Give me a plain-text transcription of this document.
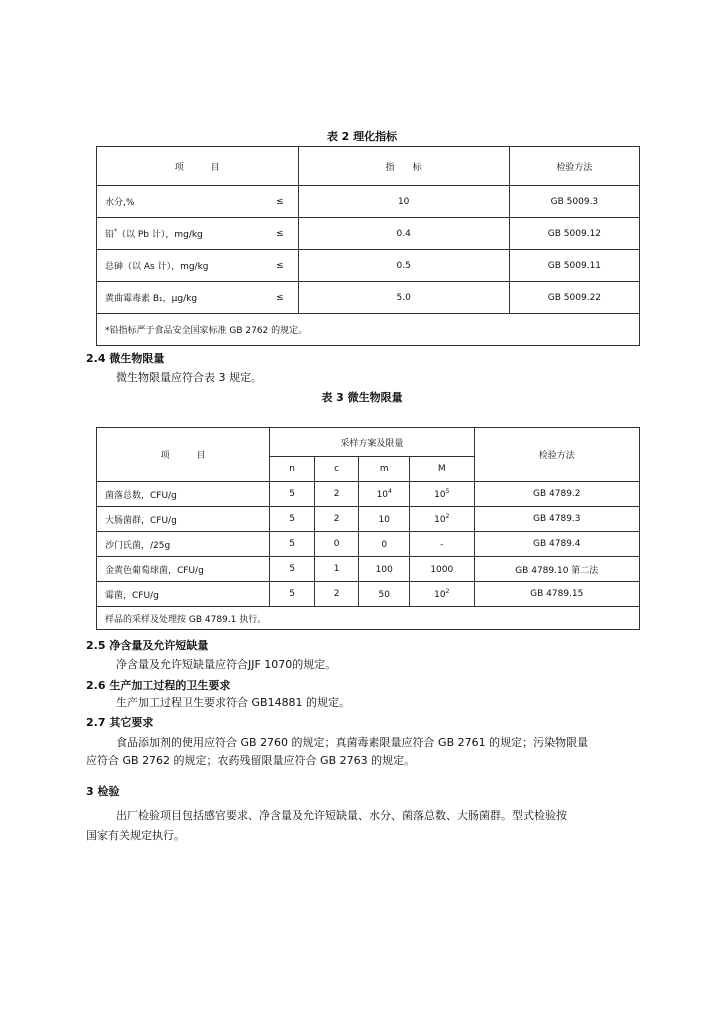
表 2 理化指标
项　　　目	指　　标	检验方法
水分,% ≤	10	GB 5009.3
铅*（以 Pb 计），mg/kg ≤	0.4	GB 5009.12
总砷（以 As 计），mg/kg ≤	0.5	GB 5009.11
黄曲霉毒素 B₁，μg/kg ≤	5.0	GB 5009.22
*铅指标严于食品安全国家标准 GB 2762 的规定。		
2.4 微生物限量
微生物限量应符合表 3 规定。
表 3 微生物限量
项　　　目	采样方案及限量				检验方法
	n	c	m	M	
菌落总数，CFU/g	5	2	$10^4$	$10^5$	GB 4789.2
大肠菌群，CFU/g	5	2	10	$10^2$	GB 4789.3
沙门氏菌，/25g	5	0	0	-	GB 4789.4
金黄色葡萄球菌，CFU/g	5	1	100	1000	GB 4789.10 第二法
霉菌，CFU/g	5	2	50	$10^2$	GB 4789.15
样品的采样及处理按 GB 4789.1 执行。					
2.5 净含量及允许短缺量
净含量及允许短缺量应符合JJF 1070的规定。
2.6 生产加工过程的卫生要求
生产加工过程卫生要求符合 GB14881 的规定。
2.7 其它要求
食品添加剂的使用应符合 GB 2760 的规定；真菌毒素限量应符合 GB 2761 的规定；污染物限量
应符合 GB 2762 的规定；农药残留限量应符合 GB 2763 的规定。
3 检验
出厂检验项目包括感官要求、净含量及允许短缺量、水分、菌落总数、大肠菌群。型式检验按
国家有关规定执行。
